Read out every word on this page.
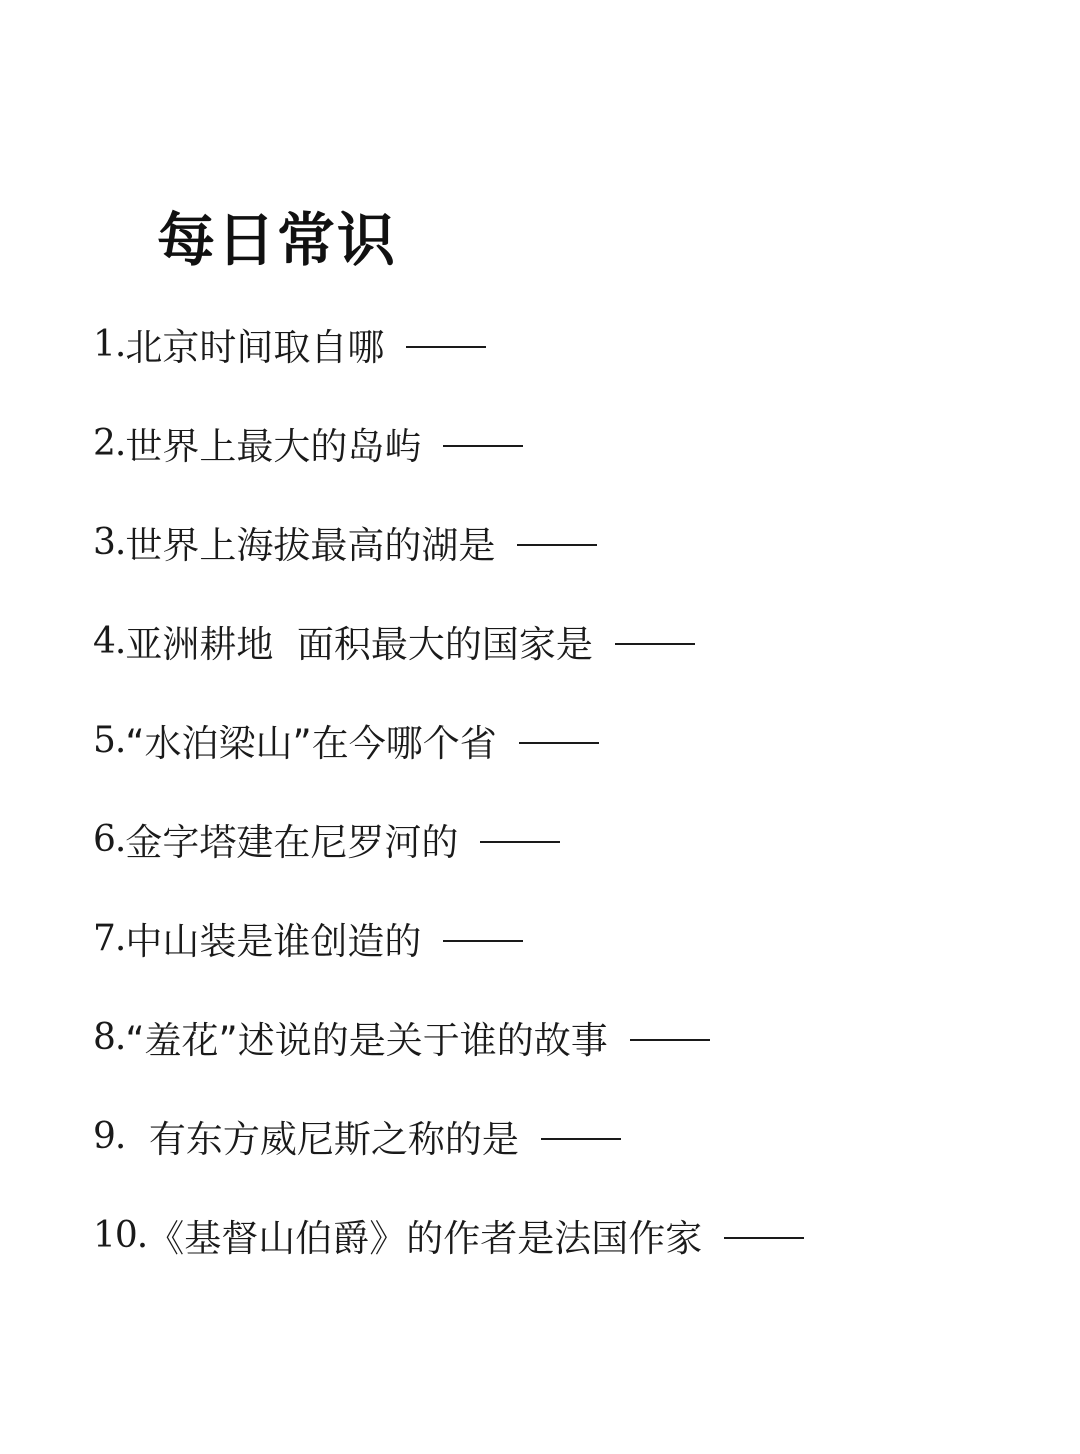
每日常识
1. 北京时间取自哪
2. 世界上最大的岛屿
3. 世界上海拔最高的湖是
4. 亚洲耕地  面积最大的国家是
5. “水泊梁山”在今哪个省
6. 金字塔建在尼罗河的
7. 中山装是谁创造的
8. “羞花”述说的是关于谁的故事
9. 有东方威尼斯之称的是
10. 《基督山伯爵》的作者是法国作家
